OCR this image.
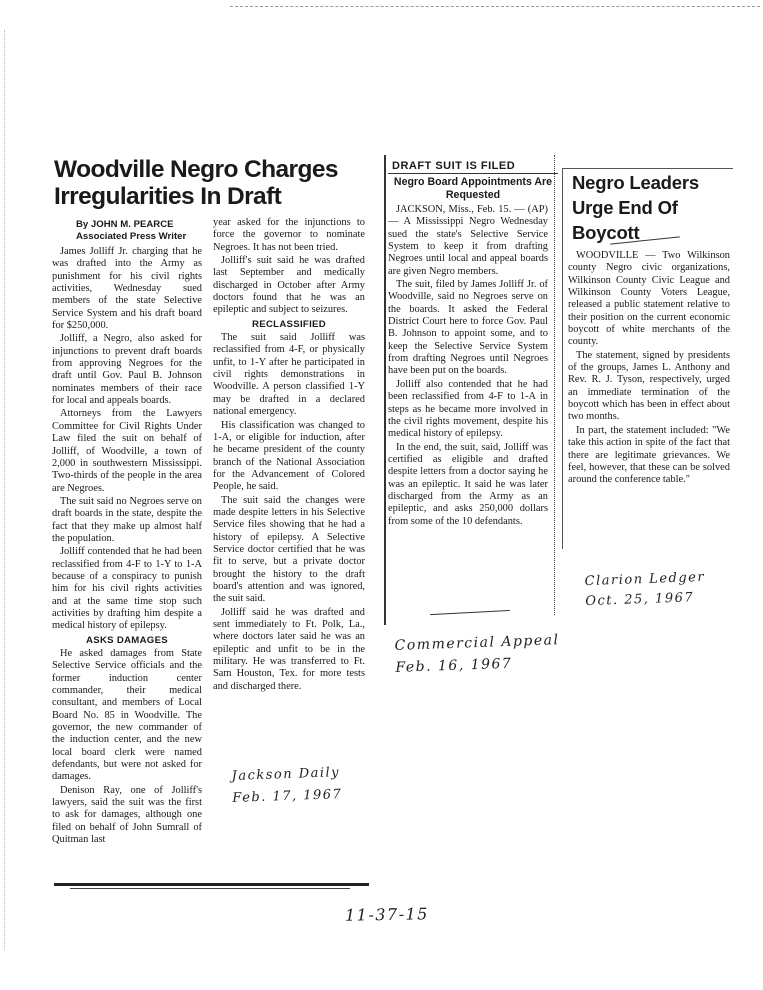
Woodville Negro Charges Irregularities In Draft
By JOHN M. PEARCE
Associated Press Writer

James Jolliff Jr. charging that he was drafted into the Army as punishment for his civil rights activities, Wednesday sued members of the state Selective Service System and his draft board for $250,000.

Jolliff, a Negro, also asked for injunctions to prevent draft boards from approving Negroes for the draft until Gov. Paul B. Johnson nominates members of their race for local and appeals boards.

Attorneys from the Lawyers Committee for Civil Rights Under Law filed the suit on behalf of Jolliff, of Woodville, a town of 2,000 in southwestern Mississippi. Two-thirds of the people in the area are Negroes.

The suit said no Negroes serve on draft boards in the state, despite the fact that they make up almost half the population.

Jolliff contended that he had been reclassified from 4-F to 1-Y to 1-A because of a conspiracy to punish him for his civil rights activities and at the same time stop such activities by drafting him despite a medical history of epilepsy.

ASKS DAMAGES

He asked damages from State Selective Service officials and the former induction center commander, their medical consultant, and members of Local Board No. 85 in Woodville. The governor, the new commander of the induction center, and the new local board clerk were named defendants, but were not asked for damages.

Denison Ray, one of Jolliff's lawyers, said the suit was the first to ask for damages, although one filed on behalf of John Sumrall of Quitman last

year asked for the injunctions to force the governor to nominate Negroes. It has not been tried.

Jolliff's suit said he was drafted last September and medically discharged in October after Army doctors found that he was an epileptic and subject to seizures.

RECLASSIFIED

The suit said Jolliff was reclassified from 4-F, or physically unfit, to 1-Y after he participated in civil rights demonstrations in Woodville. A person classified 1-Y may be drafted in a declared national emergency.

His classification was changed to 1-A, or eligible for induction, after he became president of the county branch of the National Association for the Advancement of Colored People, he said.

The suit said the changes were made despite letters in his Selective Service files showing that he had a history of epilepsy. A Selective Service doctor certified that he was fit to serve, but a private doctor brought the history to the draft board's attention and was ignored, the suit said.

Jolliff said he was drafted and sent immediately to Ft. Polk, La., where doctors later said he was an epileptic and unfit to be in the military. He was transferred to Ft. Sam Houston, Tex. for more tests and discharged there.

DRAFT SUIT IS FILED
Negro Board Appointments Are Requested

JACKSON, Miss., Feb. 15. — (AP) — A Mississippi Negro Wednesday sued the state's Selective Service System to keep it from drafting Negroes until local and appeal boards are given Negro members.

The suit, filed by James Jolliff Jr. of Woodville, said no Negroes serve on the boards. It asked the Federal District Court here to force Gov. Paul B. Johnson to appoint some, and to keep the Selective Service System from drafting Negroes until Negroes have been put on the boards.

Jolliff also contended that he had been reclassified from 4-F to 1-A in steps as he became more involved in the civil rights movement, despite his medical history of epilepsy.

In the end, the suit, said, Jolliff was certified as eligible and drafted despite letters from a doctor saying he was an epileptic. It said he was later discharged from the Army as an epileptic, and asks 250,000 dollars from some of the 10 defendants.

Negro Leaders Urge End Of Boycott

WOODVILLE — Two Wilkinson county Negro civic organizations, Wilkinson County Civic League and Wilkinson County Voters League, released a public statement relative to their position on the current economic boycott of white merchants of the county.

The statement, signed by presidents of the groups, James L. Anthony and Rev. R. J. Tyson, respectively, urged an immediate termination of the boycott which has been in effect about two months.

In part, the statement included: "We take this action in spite of the fact that there are legitimate grievances. We feel, however, that these can be solved around the conference table."

Clarion Ledger
Oct. 25, 1967
Commercial Appeal
Feb. 16, 1967
Jackson Daily
Feb. 17, 1967
11-37-15
